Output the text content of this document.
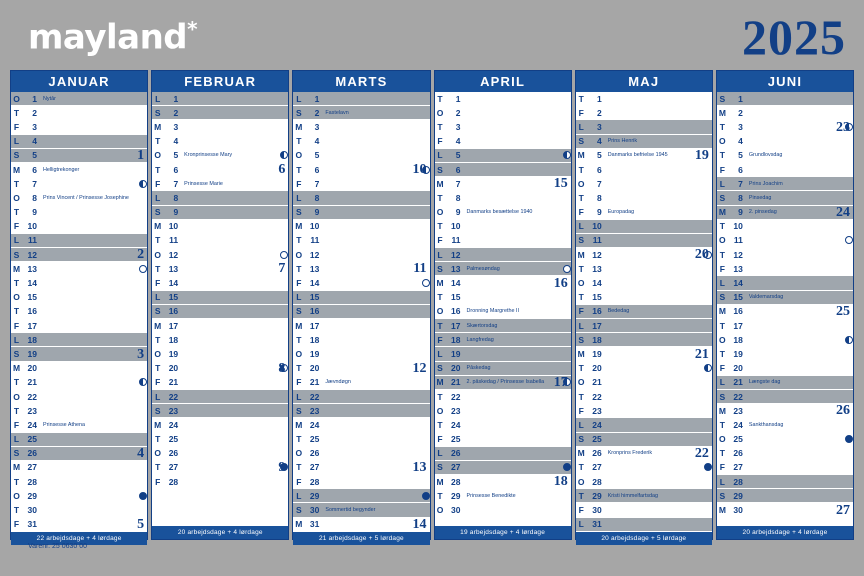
mayland*	2025
JANUAR
O	1	Nytår
T	2
F	3
L	4
S	5	1
M	6	Helligtrekonger
T	7
O	8	Prins Vincent / Prinsesse Josephine
T	9
F 10
L	11
S 12	2
M 13
T 14
O 15
T 16
F 17
L 18
S 19	3
M 20
T 21
O 22
T 23
F 24	Prinsesse Athena
L 25
S 26	4
M 27
T 28
O 29
T 30
F 31	5
22 arbejdsdage + 4 lørdage
FEBRUAR
L	1
S	2
M	3
T	4
O	5	Kronprinsesse Mary
T	6	6
F	7	Prinsesse Marie
L	8
S	9
M 10
T	11
O 12
T 13	7
F 14
L 15
S 16
M 17
T 18
O 19
T 20	8
F 21
L 22
S 23
M 24
T 25
O 26
T 27	9
F 28
20 arbejdsdage + 4 lørdage
MARTS
L	1
S	2	Fastelavn
M	3
T	4
O	5
T	6	10
F	7
L	8
S	9
M 10
T	11
O 12
T 13	11
F 14
L 15
S 16
M 17
T 18
O 19
T 20	12
F 21	Jævndøgn
L 22
S 23
M 24
T 25
O 26
T 27	13
F 28
L 29
S 30	Sommertid begynder
M 31	14
21 arbejdsdage + 5 lørdage
APRIL
T	1
O	2
T	3
F	4
L	5
S	6
M	7	15
T	8
O	9	Danmarks besættelse 1940
T 10
F	11
L 12
S 13	Palmesøndag
M 14	16
T 15
O 16	Dronning Margrethe II
T 17	Skærtorsdag
F 18	Langfredag
L 19
S 20	Påskedag
M 21	2. påskedag / Prinsesse Isabella 17
T 22
O 23
T 24
F 25
L 26
S 27
M 28	18
T 29	Prinsesse Benedikte
O 30
19 arbejdsdage + 4 lørdage
MAJ
T	1
F	2
L	3
S	4	Prins Henrik
M	5	Danmarks befrielse 1945	19
T	6
O	7
T	8
F	9	Europadag
L 10
S	11
M 12	20
T 13
O 14
T 15
F 16	Bededag
L 17
S 18
M 19	21
T 20
O 21
T 22
F 23
L 24
S 25
M 26	Kronprins Frederik	22
T 27
O 28
T 29	Kristi himmelfartsdag
F 30
L 31
20 arbejdsdage + 5 lørdage
JUNI
S	1
M	2
T	3	23
O	4
T	5	Grundlovsdag
F	6
L	7	Prins Joachim
S	8	Pinsedag
M	9	2. pinsedag	24
T 10
O 11
T 12
F 13
L 14
S 15	Valdemarsdag
M 16	25
T 17
O 18
T 19
F 20
L 21	Længste dag
S 22
M 23	26
T 24	Sankthansdag
O 25
T 26
F 27
L 28
S 29
M 30	27
20 arbejdsdage + 4 lørdage
Varenr. 25 0630 00
